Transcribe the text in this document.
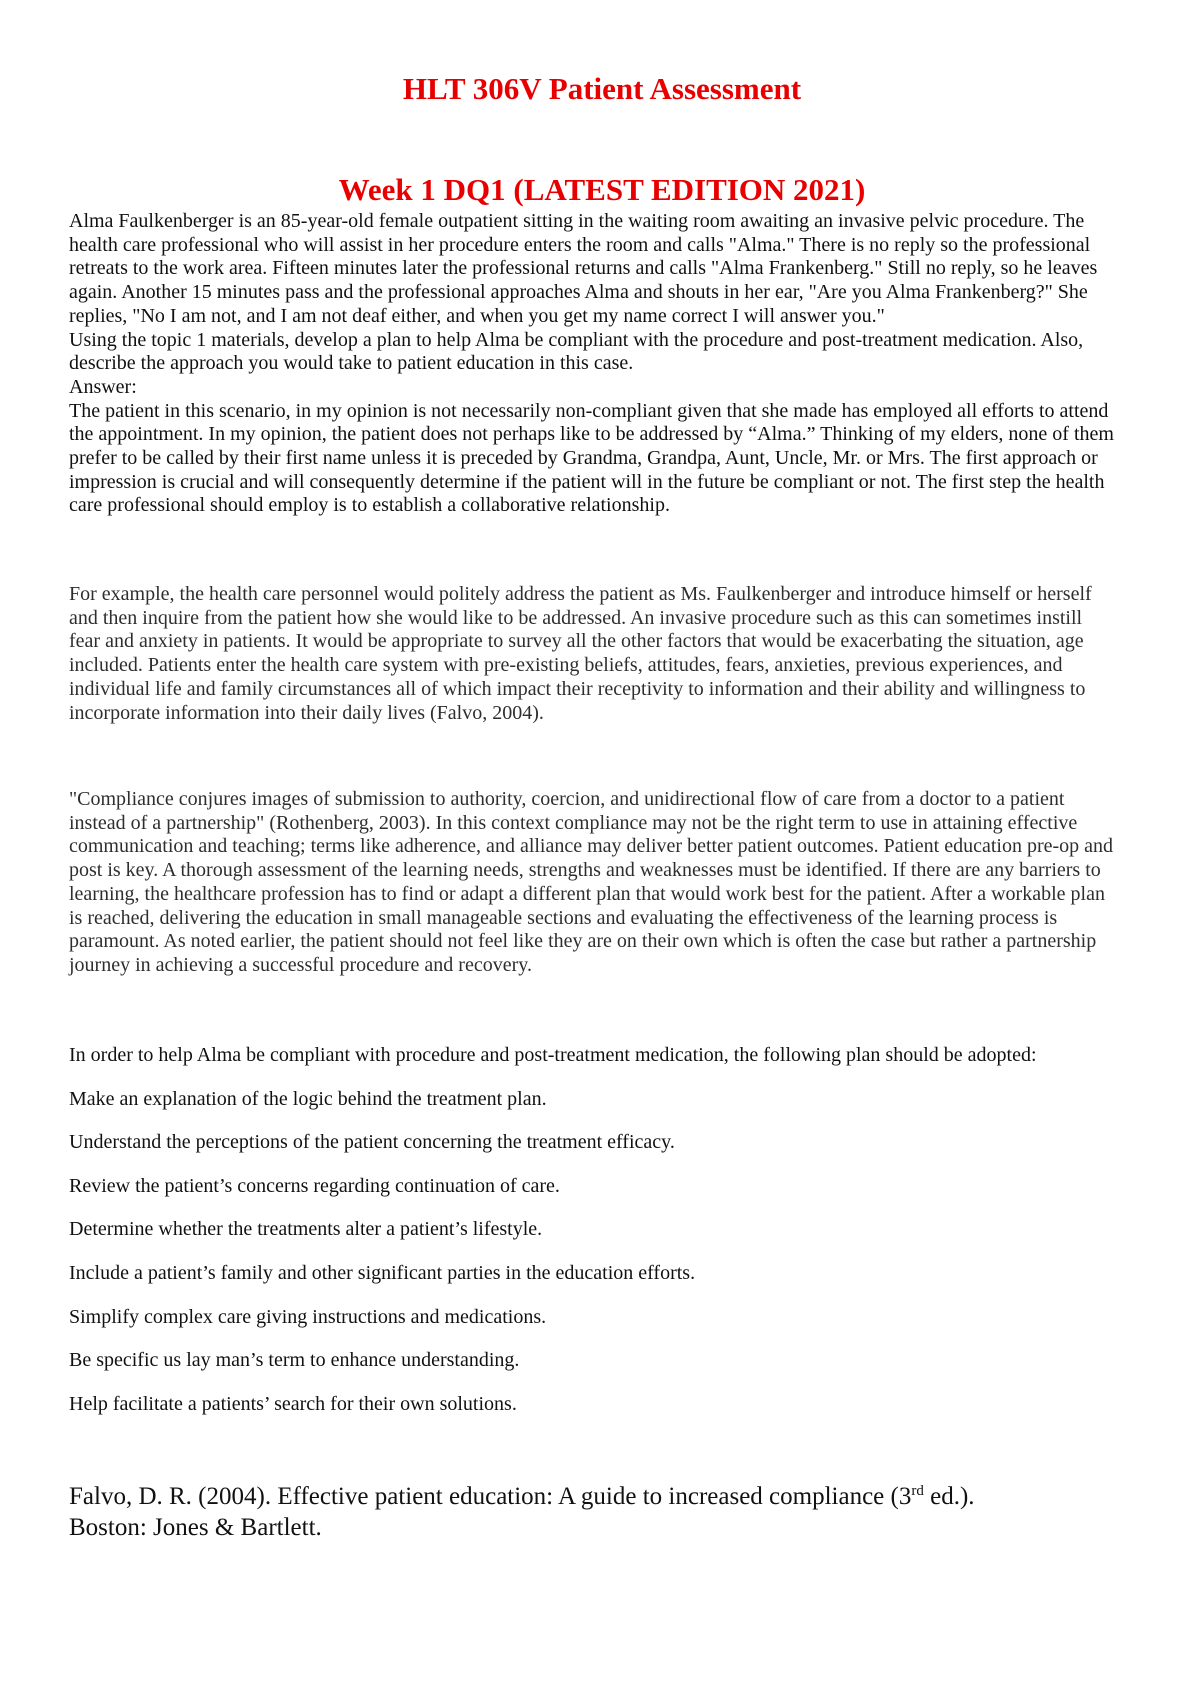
HLT 306V Patient Assessment
Week 1 DQ1 (LATEST EDITION 2021)
Alma Faulkenberger is an 85-year-old female outpatient sitting in the waiting room awaiting an invasive pelvic procedure. The
health care professional who will assist in her procedure enters the room and calls "Alma." There is no reply so the professional
retreats to the work area. Fifteen minutes later the professional returns and calls "Alma Frankenberg." Still no reply, so he leaves
again. Another 15 minutes pass and the professional approaches Alma and shouts in her ear, "Are you Alma Frankenberg?" She
replies, "No I am not, and I am not deaf either, and when you get my name correct I will answer you."
Using the topic 1 materials, develop a plan to help Alma be compliant with the procedure and post-treatment medication. Also,
describe the approach you would take to patient education in this case.
Answer:
The patient in this scenario, in my opinion is not necessarily non-compliant given that she made has employed all efforts to attend
the appointment. In my opinion, the patient does not perhaps like to be addressed by “Alma.” Thinking of my elders, none of them
prefer to be called by their first name unless it is preceded by Grandma, Grandpa, Aunt, Uncle, Mr. or Mrs. The first approach or
impression is crucial and will consequently determine if the patient will in the future be compliant or not. The first step the health
care professional should employ is to establish a collaborative relationship.
For example, the health care personnel would politely address the patient as Ms. Faulkenberger and introduce himself or herself
and then inquire from the patient how she would like to be addressed. An invasive procedure such as this can sometimes instill
fear and anxiety in patients. It would be appropriate to survey all the other factors that would be exacerbating the situation, age
included. Patients enter the health care system with pre-existing beliefs, attitudes, fears, anxieties, previous experiences, and
individual life and family circumstances all of which impact their receptivity to information and their ability and willingness to
incorporate information into their daily lives (Falvo, 2004).
"Compliance conjures images of submission to authority, coercion, and unidirectional flow of care from a doctor to a patient
instead of a partnership" (Rothenberg, 2003). In this context compliance may not be the right term to use in attaining effective
communication and teaching; terms like adherence, and alliance may deliver better patient outcomes. Patient education pre-op and
post is key. A thorough assessment of the learning needs, strengths and weaknesses must be identified. If there are any barriers to
learning, the healthcare profession has to find or adapt a different plan that would work best for the patient. After a workable plan
is reached, delivering the education in small manageable sections and evaluating the effectiveness of the learning process is
paramount. As noted earlier, the patient should not feel like they are on their own which is often the case but rather a partnership
journey in achieving a successful procedure and recovery.
In order to help Alma be compliant with procedure and post-treatment medication, the following plan should be adopted:
Make an explanation of the logic behind the treatment plan.
Understand the perceptions of the patient concerning the treatment efficacy.
Review the patient’s concerns regarding continuation of care.
Determine whether the treatments alter a patient’s lifestyle.
Include a patient’s family and other significant parties in the education efforts.
Simplify complex care giving instructions and medications.
Be specific us lay man’s term to enhance understanding.
Help facilitate a patients’ search for their own solutions.
Falvo, D. R. (2004). Effective patient education: A guide to increased compliance (3rd ed.).
Boston: Jones & Bartlett.
